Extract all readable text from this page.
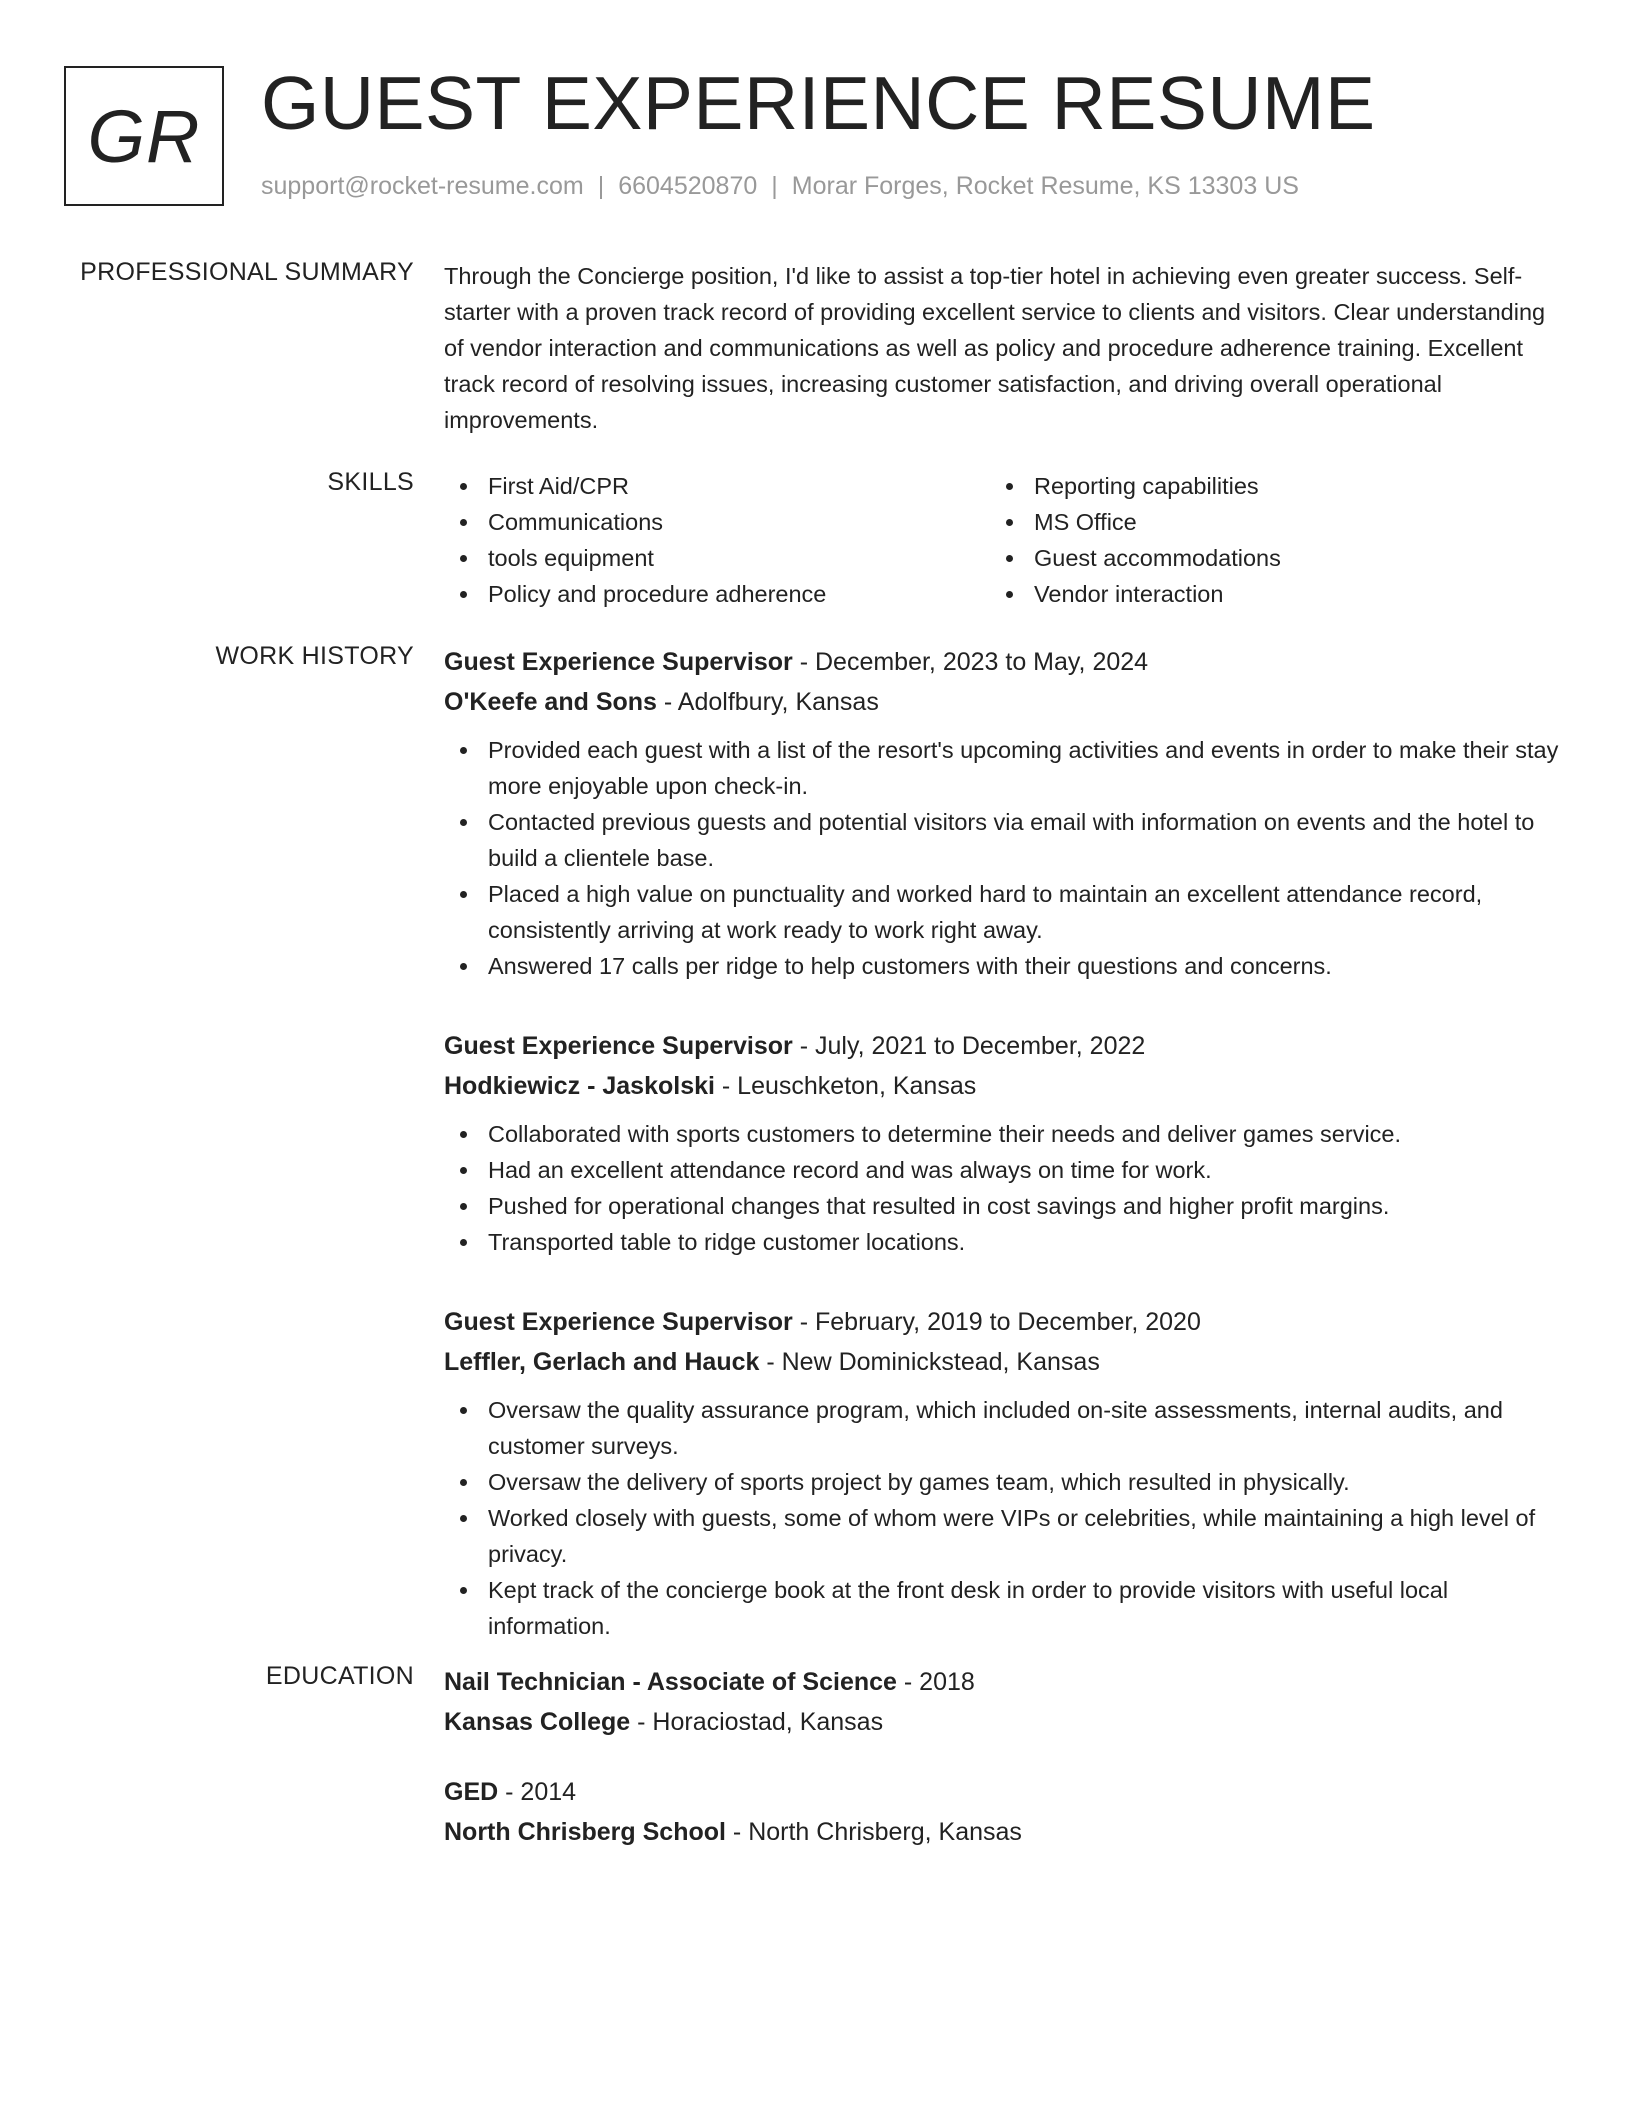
GR GUEST EXPERIENCE RESUME
support@rocket-resume.com | 6604520870 | Morar Forges, Rocket Resume, KS 13303 US
PROFESSIONAL SUMMARY Through the Concierge position, I'd like to assist a top-tier hotel in achieving even greater success. Self-starter with a proven track record of providing excellent service to clients and visitors. Clear understanding of vendor interaction and communications as well as policy and procedure adherence training. Excellent track record of resolving issues, increasing customer satisfaction, and driving overall operational improvements.

SKILLS	First Aid/CPR
Communications
tools equipment
Policy and procedure adherence
Reporting capabilities
MS Office
Guest accommodations
Vendor interaction
WORK HISTORY Guest Experience Supervisor - December, 2023 to May, 2024
O'Keefe and Sons - Adolfbury, Kansas
Provided each guest with a list of the resort's upcoming activities and events in order to make their stay more enjoyable upon check-in.
Contacted previous guests and potential visitors via email with information on events and the hotel to build a clientele base.
Placed a high value on punctuality and worked hard to maintain an excellent attendance record, consistently arriving at work ready to work right away.
Answered 17 calls per ridge to help customers with their questions and concerns.
Guest Experience Supervisor - July, 2021 to December, 2022
Hodkiewicz - Jaskolski - Leuschketon, Kansas
Collaborated with sports customers to determine their needs and deliver games service.
Had an excellent attendance record and was always on time for work.
Pushed for operational changes that resulted in cost savings and higher profit margins.
Transported table to ridge customer locations.
Guest Experience Supervisor - February, 2019 to December, 2020
Leffler, Gerlach and Hauck - New Dominickstead, Kansas
Oversaw the quality assurance program, which included on-site assessments, internal audits, and customer surveys.
Oversaw the delivery of sports project by games team, which resulted in physically.
Worked closely with guests, some of whom were VIPs or celebrities, while maintaining a high level of privacy.
Kept track of the concierge book at the front desk in order to provide visitors with useful local information.
EDUCATION Nail Technician - Associate of Science - 2018
Kansas College - Horaciostad, Kansas
GED - 2014
North Chrisberg School - North Chrisberg, Kansas
